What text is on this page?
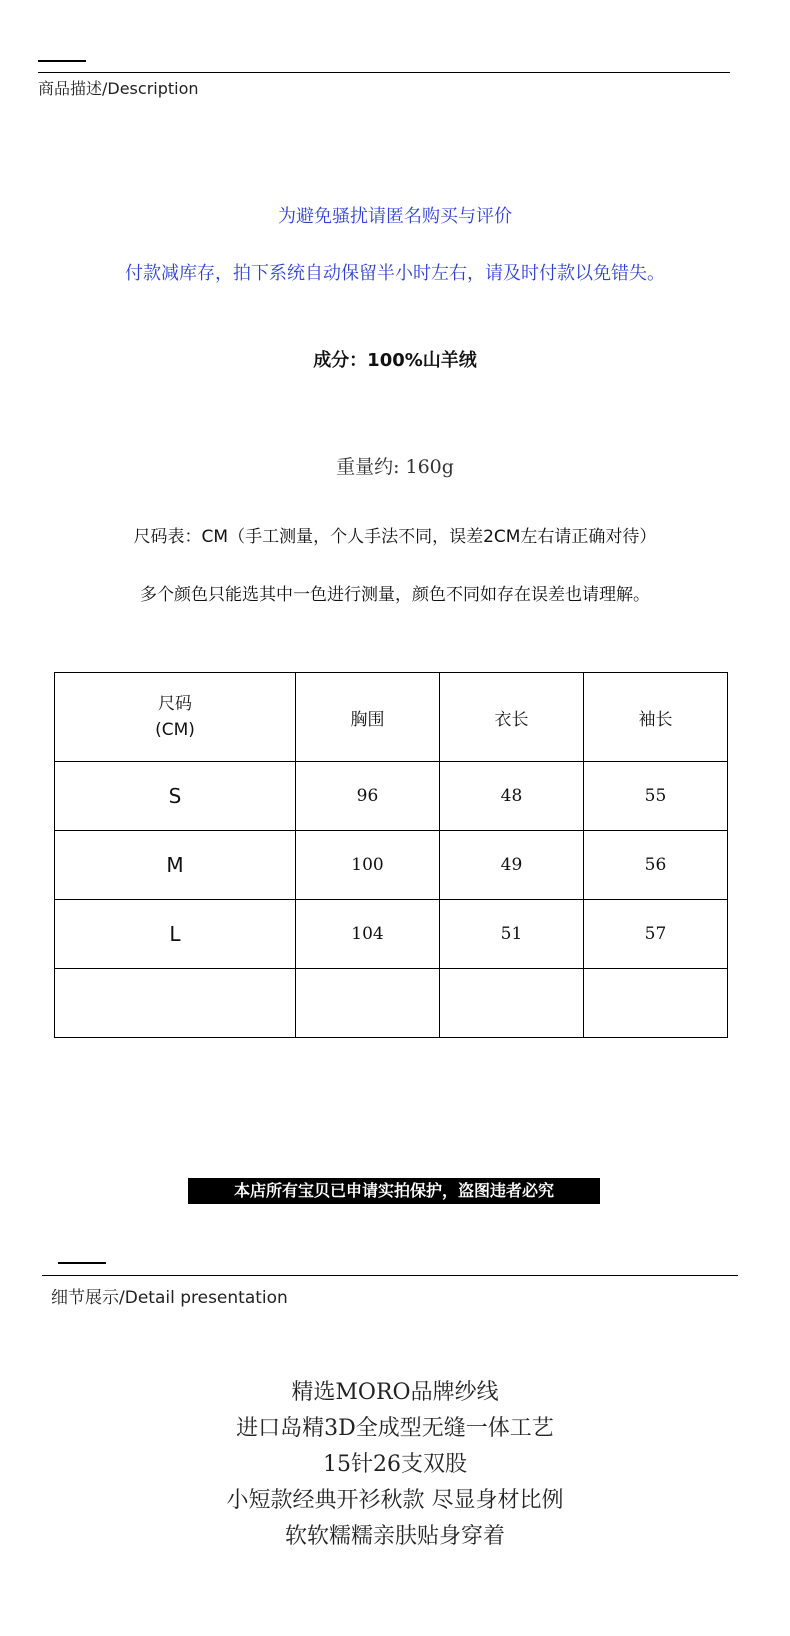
商品描述/Description
为避免骚扰请匿名购买与评价
付款减库存，拍下系统自动保留半小时左右，请及时付款以免错失。
成分：100%山羊绒
重量约: 160g
尺码表：CM（手工测量，个人手法不同，误差2CM左右请正确对待）
多个颜色只能选其中一色进行测量，颜色不同如存在误差也请理解。
尺码
(CM)	胸围	衣长	袖长
S	96	48	55
M	100	49	56
L	104	51	57

本店所有宝贝已申请实拍保护，盗图违者必究
细节展示/Detail presentation
精选MORO品牌纱线
进口岛精3D全成型无缝一体工艺
15针26支双股
小短款经典开衫秋款 尽显身材比例
软软糯糯亲肤贴身穿着
